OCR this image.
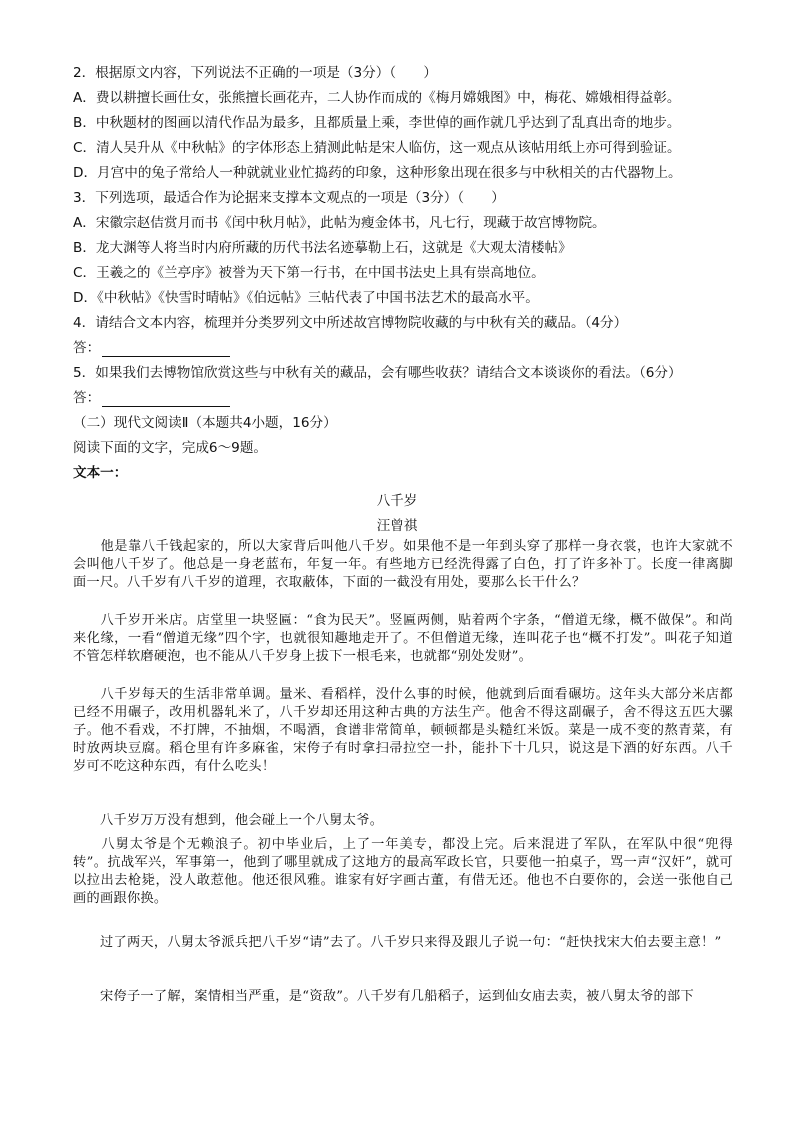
2．根据原文内容，下列说法不正确的一项是（3分）（　　）
A．费以耕擅长画仕女，张熊擅长画花卉，二人协作而成的《梅月嫦娥图》中，梅花、嫦娥相得益彰。
B．中秋题材的图画以清代作品为最多，且都质量上乘，李世倬的画作就几乎达到了乱真出奇的地步。
C．清人吴升从《中秋帖》的字体形态上猜测此帖是宋人临仿，这一观点从该帖用纸上亦可得到验证。
D．月宫中的兔子常给人一种就就业业忙捣药的印象，这种形象出现在很多与中秋相关的古代器物上。
3．下列选项，最适合作为论据来支撑本文观点的一项是（3分）（　　）
A．宋徽宗赵佶赏月而书《闰中秋月帖》，此帖为瘦金体书，凡七行，现藏于故宫博物院。
B．龙大渊等人将当时内府所藏的历代书法名迹摹勒上石，这就是《大观太清楼帖》
C．王羲之的《兰亭序》被誉为天下第一行书，在中国书法史上具有崇高地位。
D．《中秋帖》《快雪时晴帖》《伯远帖》三帖代表了中国书法艺术的最高水平。
4．请结合文本内容，梳理并分类罗列文中所述故宫博物院收藏的与中秋有关的藏品。（4分）
答：
5．如果我们去博物馆欣赏这些与中秋有关的藏品，会有哪些收获？请结合文本谈谈你的看法。（6分）
答：
（二）现代文阅读Ⅱ（本题共4小题，16分）
阅读下面的文字，完成6～9题。
文本一：
八千岁
汪曾祺

　　他是靠八千钱起家的，所以大家背后叫他八千岁。如果他不是一年到头穿了那样一身衣裳，也许大家就不会叫他八千岁了。他总是一身老蓝布，年复一年。有些地方已经洗得露了白色，打了许多补丁。长度一律离脚面一尺。八千岁有八千岁的道理，衣取蔽体，下面的一截没有用处，要那么长干什么？

　　八千岁开米店。店堂里一块竖匾：“食为民天”。竖匾两侧，贴着两个字条，“僧道无缘，概不做保”。和尚来化缘，一看“僧道无缘”四个字，也就很知趣地走开了。不但僧道无缘，连叫花子也“概不打发”。叫花子知道不管怎样软磨硬泡，也不能从八千岁身上拔下一根毛来，也就都“别处发财”。

　　八千岁每天的生活非常单调。量米、看稻样，没什么事的时候，他就到后面看碾坊。这年头大部分米店都已经不用碾子，改用机器轧米了，八千岁却还用这种古典的方法生产。他舍不得这副碾子，舍不得这五匹大骡子。他不看戏，不打牌，不抽烟，不喝酒，食谱非常简单，顿顿都是头糙红米饭。菜是一成不变的熬青菜，有时放两块豆腐。稻仓里有许多麻雀，宋侉子有时拿扫帚拉空一扑，能扑下十几只，说这是下酒的好东西。八千岁可不吃这种东西，有什么吃头！

　　八千岁万万没有想到，他会碰上一个八舅太爷。

　　八舅太爷是个无赖浪子。初中毕业后，上了一年美专，都没上完。后来混进了军队，在军队中很“兜得转”。抗战军兴，军事第一，他到了哪里就成了这地方的最高军政长官，只要他一拍桌子，骂一声“汉奸”，就可以拉出去枪毙，没人敢惹他。他还很风雅。谁家有好字画古董，有借无还。他也不白要你的，会送一张他自己画的画跟你换。

　　过了两天，八舅太爷派兵把八千岁“请”去了。八千岁只来得及跟儿子说一句：“赶快找宋大伯去要主意！”

　　宋侉子一了解，案情相当严重，是“资敌”。八千岁有几船稻子，运到仙女庙去卖，被八舅太爷的部下
